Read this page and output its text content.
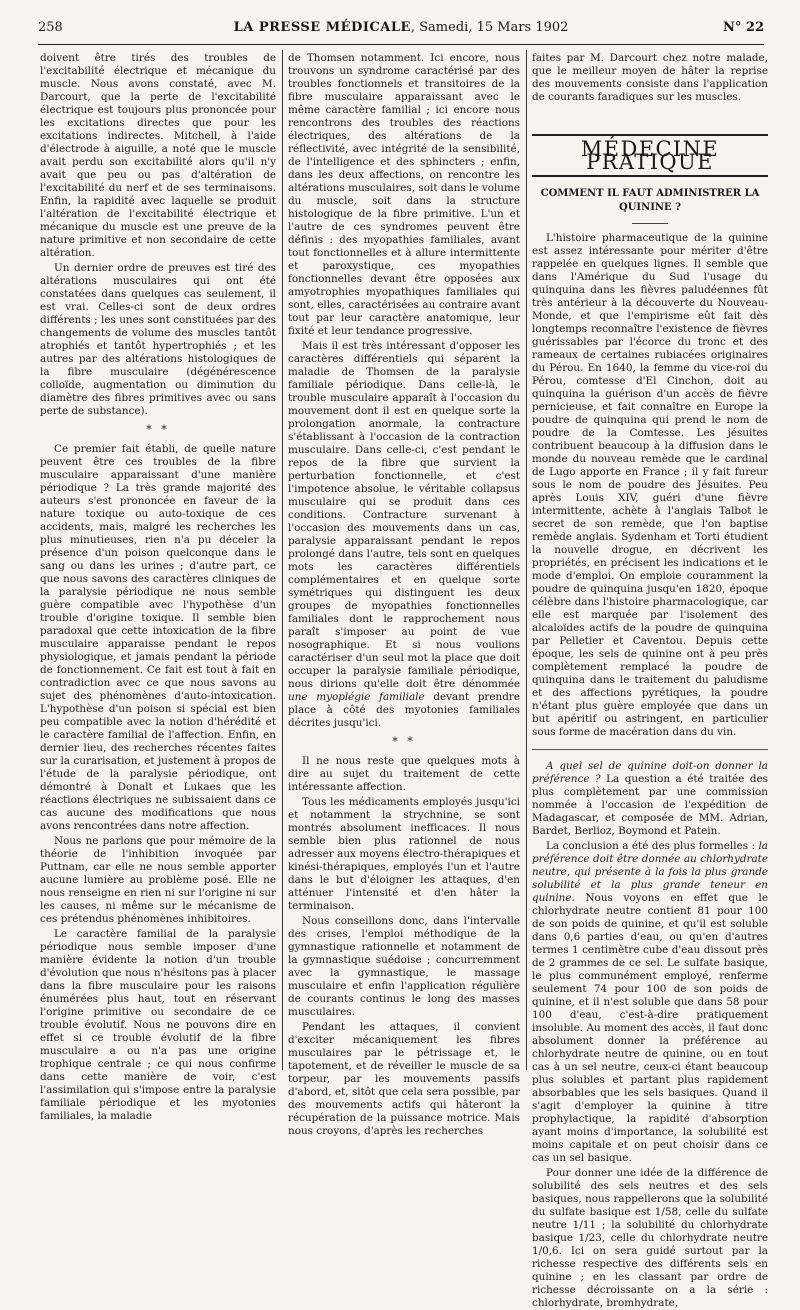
258	LA PRESSE MÉDICALE, Samedi, 15 Mars 1902	N° 22

doivent être tirés des troubles de l'excitabilité électrique et mécanique du muscle. Nous avons constaté, avec M. Darcourt, que la perte de l'excitabilité électrique est toujours plus prononcée pour les excitations directes que pour les excitations indirectes. Mitchell, à l'aide d'électrode à aiguille, a noté que le muscle avait perdu son excitabilité alors qu'il n'y avait que peu ou pas d'altération de l'excitabilité du nerf et de ses terminaisons. Enfin, la rapidité avec laquelle se produit l'altération de l'excitabilité électrique et mécanique du muscle est une preuve de la nature primitive et non secondaire de cette altération.

Un dernier ordre de preuves est tiré des altérations musculaires qui ont été constatées dans quelques cas seulement, il est vrai. Celles-ci sont de deux ordres différents ; les unes sont constituées par des changements de volume des muscles tantôt atrophiés et tantôt hypertrophiés ; et les autres par des altérations histologiques de la fibre musculaire (dégénérescence colloïde, augmentation ou diminution du diamètre des fibres primitives avec ou sans perte de substance).

* *

Ce premier fait établi, de quelle nature peuvent être ces troubles de la fibre musculaire apparaissant d'une manière périodique ? La très grande majorité des auteurs s'est prononcée en faveur de la nature toxique ou auto-toxique de ces accidents, mais, malgré les recherches les plus minutieuses, rien n'a pu déceler la présence d'un poison quelconque dans le sang ou dans les urines ; d'autre part, ce que nous savons des caractères cliniques de la paralysie périodique ne nous semble guère compatible avec l'hypothèse d'un trouble d'origine toxique. Il semble bien paradoxal que cette intoxication de la fibre musculaire apparaisse pendant le repos physiologique, et jamais pendant la période de fonctionnement. Ce fait est tout à fait en contradiction avec ce que nous savons au sujet des phénomènes d'auto-intoxication. L'hypothèse d'un poison si spécial est bien peu compatible avec la notion d'hérédité et le caractère familial de l'affection. Enfin, en dernier lieu, des recherches récentes faites sur la curarisation, et justement à propos de l'étude de la paralysie périodique, ont démontré à Donalt et Lukaes que les réactions électriques ne subissaient dans ce cas aucune des modifications que nous avons rencontrées dans notre affection.

Nous ne parlons que pour mémoire de la théorie de l'inhibition invoquée par Puttnam, car elle ne nous semble apporter aucune lumière au problème posé. Elle ne nous renseigne en rien ni sur l'origine ni sur les causes, ni même sur le mécanisme de ces prétendus phénomènes inhibitoires.

Le caractère familial de la paralysie périodique nous semble imposer d'une manière évidente la notion d'un trouble d'évolution que nous n'hésitons pas à placer dans la fibre musculaire pour les raisons énumérées plus haut, tout en réservant l'origine primitive ou secondaire de ce trouble évolutif. Nous ne pouvons dire en effet si ce trouble évolutif de la fibre musculaire a ou n'a pas une origine trophique centrale ; ce qui nous confirme dans cette manière de voir, c'est l'assimilation qui s'impose entre la paralysie familiale périodique et les myotonies familiales, la maladie

de Thomsen notamment. Ici encore, nous trouvons un syndrome caractérisé par des troubles fonctionnels et transitoires de la fibre musculaire apparaissant avec le même caractère familial ; ici encore nous rencontrons des troubles des réactions électriques, des altérations de la réflectivité, avec intégrité de la sensibilité, de l'intelligence et des sphincters ; enfin, dans les deux affections, on rencontre les altérations musculaires, soit dans le volume du muscle, soit dans la structure histologique de la fibre primitive. L'un et l'autre de ces syndromes peuvent être définis : des myopathies familiales, avant tout fonctionnelles et à allure intermittente et paroxystique, ces myopathies fonctionnelles devant être opposées aux amyotrophies myopathiques familiales qui sont, elles, caractérisées au contraire avant tout par leur caractère anatomique, leur fixité et leur tendance progressive.

Mais il est très intéressant d'opposer les caractères différentiels qui séparent la maladie de Thomsen de la paralysie familiale périodique. Dans celle-là, le trouble musculaire apparaît à l'occasion du mouvement dont il est en quelque sorte la prolongation anormale, la contracture s'établissant à l'occasion de la contraction musculaire. Dans celle-ci, c'est pendant le repos de la fibre que survient la perturbation fonctionnelle, et c'est l'impotence absolue, le véritable collapsus musculaire qui se produit dans ces conditions. Contracture survenant à l'occasion des mouvements dans un cas, paralysie apparaissant pendant le repos prolongé dans l'autre, tels sont en quelques mots les caractères différentiels complémentaires et en quelque sorte symétriques qui distinguent les deux groupes de myopathies fonctionnelles familiales dont le rapprochement nous paraît s'imposer au point de vue nosographique. Et si nous voulions caractériser d'un seul mot la place que doit occuper la paralysie familiale périodique, nous dirions qu'elle doit être dénommée une myoplégie familiale devant prendre place à côté des myotonies familiales décrites jusqu'ici.

* *

Il ne nous reste que quelques mots à dire au sujet du traitement de cette intéressante affection.

Tous les médicaments employés jusqu'ici et notamment la strychnine, se sont montrés absolument inefficaces. Il nous semble bien plus rationnel de nous adresser aux moyens électro-thérapiques et kinési-thérapiques, employés l'un et l'autre dans le but d'éloigner les attaques, d'en atténuer l'intensité et d'en hâter la terminaison.

Nous conseillons donc, dans l'intervalle des crises, l'emploi méthodique de la gymnastique rationnelle et notamment de la gymnastique suédoise ; concurremment avec la gymnastique, le massage musculaire et enfin l'application régulière de courants continus le long des masses musculaires.

Pendant les attaques, il convient d'exciter mécaniquement les fibres musculaires par le pétrissage et, le tapotement, et de réveiller le muscle de sa torpeur, par les mouvements passifs d'abord, et, sitôt que cela sera possible, par des mouvements actifs qui hâteront la récupération de la puissance motrice. Mais nous croyons, d'après les recherches

faites par M. Darcourt chez notre malade, que le meilleur moyen de hâter la reprise des mouvements consiste dans l'application de courants faradiques sur les muscles.

MÉDECINE PRATIQUE
COMMENT IL FAUT ADMINISTRER LA QUININE ?

L'histoire pharmaceutique de la quinine est assez intéressante pour mériter d'être rappelée en quelques lignes. Il semble que dans l'Amérique du Sud l'usage du quinquina dans les fièvres paludéennes fût très antérieur à la découverte du Nouveau-Monde, et que l'empirisme eût fait dès longtemps reconnaître l'existence de fièvres guérissables par l'écorce du tronc et des rameaux de certaines rubiacées originaires du Pérou. En 1640, la femme du vice-roi du Pérou, comtesse d'El Cinchon, doit au quinquina la guérison d'un accès de fièvre pernicieuse, et fait connaître en Europe la poudre de quinquina qui prend le nom de poudre de la Comtesse. Les jésuites contribuent beaucoup à la diffusion dans le monde du nouveau remède que le cardinal de Lugo apporte en France ; il y fait fureur sous le nom de poudre des Jésuites. Peu après Louis XIV, guéri d'une fièvre intermittente, achète à l'anglais Talbot le secret de son remède, que l'on baptise remède anglais. Sydenham et Torti étudient la nouvelle drogue, en décrivent les propriétés, en précisent les indications et le mode d'emploi. On emploie couramment la poudre de quinquina jusqu'en 1820, époque célèbre dans l'histoire pharmacologique, car elle est marquée par l'isolement des alcaloïdes actifs de la poudre de quinquina par Pelletier et Caventou. Depuis cette époque, les sels de quinine ont à peu près complètement remplacé la poudre de quinquina dans le traitement du paludisme et des affections pyrétiques, la poudre n'étant plus guère employée que dans un but apéritif ou astringent, en particulier sous forme de macération dans du vin.

A quel sel de quinine doit-on donner la préférence ? La question a été traitée des plus complètement par une commission nommée à l'occasion de l'expédition de Madagascar, et composée de MM. Adrian, Bardet, Berlioz, Boymond et Patein.

La conclusion a été des plus formelles : la préférence doit être donnée au chlorhydrate neutre, qui présente à la fois la plus grande solubilité et la plus grande teneur en quinine. Nous voyons en effet que le chlorhydrate neutre contient 81 pour 100 de son poids de quinine, et qu'il est soluble dans 0,6 parties d'eau, ou qu'en d'autres termes 1 centimètre cube d'eau dissout près de 2 grammes de ce sel. Le sulfate basique, le plus communément employé, renferme seulement 74 pour 100 de son poids de quinine, et il n'est soluble que dans 58 pour 100 d'eau, c'est-à-dire pratiquement insoluble. Au moment des accès, il faut donc absolument donner la préférence au chlorhydrate neutre de quinine, ou en tout cas à un sel neutre, ceux-ci étant beaucoup plus solubles et partant plus rapidement absorbables que les sels basiques. Quand il s'agit d'employer la quinine à titre prophylactique, la rapidité d'absorption ayant moins d'importance, la solubilité est moins capitale et on peut choisir dans ce cas un sel basique.

Pour donner une idée de la différence de solubilité des sels neutres et des sels basiques, nous rappellerons que la solubilité du sulfate basique est 1/58, celle du sulfate neutre 1/11 ; la solubilité du chlorhydrate basique 1/23, celle du chlorhydrate neutre 1/0,6. Ici on sera guidé surtout par la richesse respective des différents sels en quinine ; en les classant par ordre de richesse décroissante on a la série : chlorhydrate, bromhydrate,
